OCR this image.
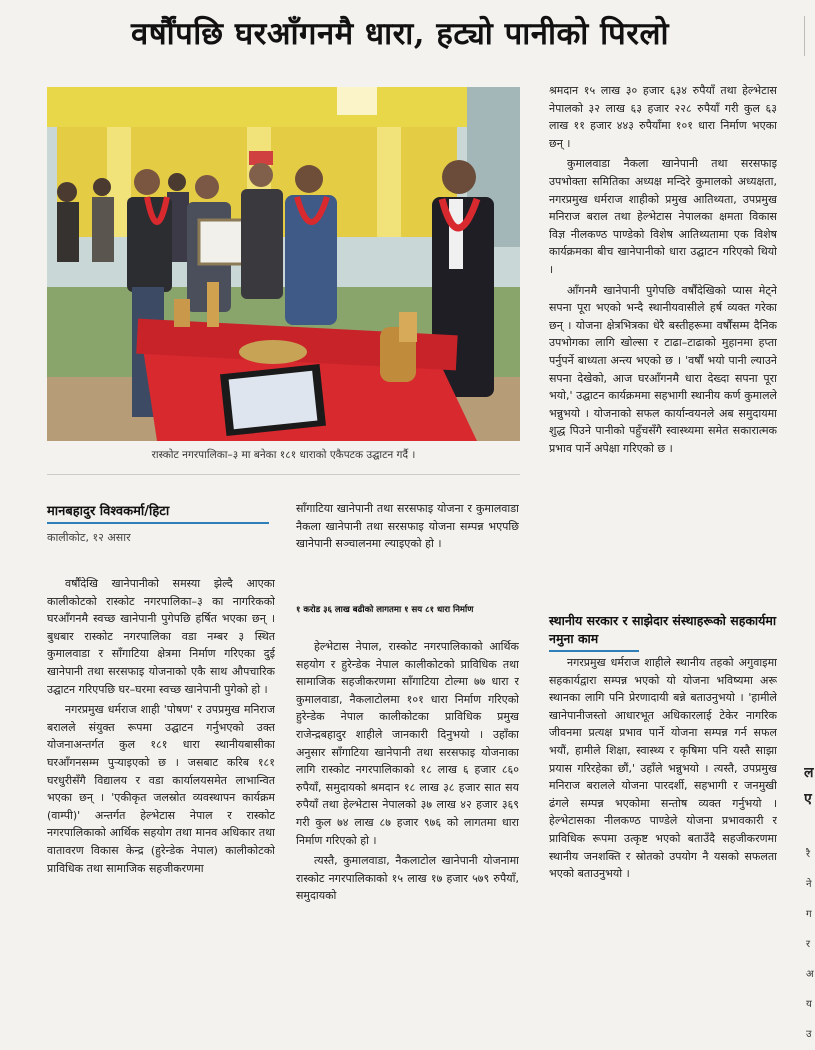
वर्षौंपछि घरआँगनमै धारा, हट्यो पानीको पिरलो
रास्कोट नगरपालिका–३ मा बनेका १८१ धाराको एकैपटक उद्घाटन गर्दै ।
मानबहादुर विश्वकर्मा/हिटा
कालीकोट, १२ असार

वर्षौंदेखि खानेपानीको समस्या झेल्दै आएका कालीकोटको रास्कोट नगरपालिका–३ का नागरिकको घरआँगनमै स्वच्छ खानेपानी पुगेपछि हर्षित भएका छन् । बुधबार रास्कोट नगरपालिका वडा नम्बर ३ स्थित कुमालवाडा र साँगाटिया क्षेत्रमा निर्माण गरिएका दुई खानेपानी तथा सरसफाइ योजनाको एकै साथ औपचारिक उद्घाटन गरिएपछि घर–घरमा स्वच्छ खानेपानी पुगेको हो ।

नगरप्रमुख धर्मराज शाही 'पोषण' र उपप्रमुख मनिराज बरालले संयुक्त रूपमा उद्घाटन गर्नुभएको उक्त योजनाअन्तर्गत कुल १८१ धारा स्थानीयबासीका घरआँगनसम्म पुऱ्याइएको छ । जसबाट करिब १८१ घरधुरीसँगै विद्यालय र वडा कार्यालयसमेत लाभान्वित भएका छन् । 'एकीकृत जलस्रोत व्यवस्थापन कार्यक्रम (वाम्पी)' अन्तर्गत हेल्भेटास नेपाल र रास्कोट नगरपालिकाको आर्थिक सहयोग तथा मानव अधिकार तथा वातावरण विकास केन्द्र (हुरेन्डेक नेपाल) कालीकोटको प्राविधिक तथा सामाजिक सहजीकरणमा

साँगाटिया खानेपानी तथा सरसफाइ योजना र कुमालवाडा नैकला खानेपानी तथा सरसफाइ योजना सम्पन्न भएपछि खानेपानी सञ्चालनमा ल्याइएको हो ।

१ करोड ३६ लाख बढीको लागतमा १ सय ८१ धारा निर्माण

हेल्भेटास नेपाल, रास्कोट नगरपालिकाको आर्थिक सहयोग र हुरेन्डेक नेपाल कालीकोटको प्राविधिक तथा सामाजिक सहजीकरणमा साँगाटिया टोल्मा ७७ धारा र कुमालवाडा, नैकलाटोलमा १०१ धारा निर्माण गरिएको हुरेन्डेक नेपाल कालीकोटका प्राविधिक प्रमुख राजेन्द्रबहादुर शाहीले जानकारी दिनुभयो । उहाँका अनुसार साँगाटिया खानेपानी तथा सरसफाइ योजनाका लागि रास्कोट नगरपालिकाको १८ लाख ६ हजार ८६० रुपैयाँ, समुदायको श्रमदान १८ लाख ३८ हजार सात सय रुपैयाँ तथा हेल्भेटास नेपालको ३७ लाख ४२ हजार ३६९ गरी कुल ७४ लाख ८७ हजार ९७६ को लागतमा धारा निर्माण गरिएको हो ।

त्यस्तै, कुमालवाडा, नैकलाटोल खानेपानी योजनामा रास्कोट नगरपालिकाको १५ लाख १७ हजार ५७९ रुपैयाँ, समुदायको

श्रमदान १५ लाख ३० हजार ६३४ रुपैयाँ तथा हेल्भेटास नेपालको ३२ लाख ६३ हजार २२८ रुपैयाँ गरी कुल ६३ लाख ११ हजार ४४३ रुपैयाँमा १०१ धारा निर्माण भएका छन् ।

कुमालवाडा नैकला खानेपानी तथा सरसफाइ उपभोक्ता समितिका अध्यक्ष मन्दिरे कुमालको अध्यक्षता, नगरप्रमुख धर्मराज शाहीको प्रमुख आतिथ्यता, उपप्रमुख मनिराज बराल तथा हेल्भेटास नेपालका क्षमता विकास विज्ञ नीलकण्ठ पाण्डेको विशेष आतिथ्यतामा एक विशेष कार्यक्रमका बीच खानेपानीको धारा उद्घाटन गरिएको थियो ।

आँगनमै खानेपानी पुगेपछि वर्षौंदेखिको प्यास मेट्ने सपना पूरा भएको भन्दै स्थानीयवासीले हर्ष व्यक्त गरेका छन् । योजना क्षेत्रभित्रका धेरै बस्तीहरूमा वर्षौंसम्म दैनिक उपभोगका लागि खोल्सा र टाढा–टाढाको मुहानमा हप्ता पर्नुपर्ने बाध्यता अन्त्य भएको छ । 'वर्षौं भयो पानी ल्याउने सपना देखेको, आज घरआँगनमै धारा देख्दा सपना पूरा भयो,' उद्घाटन कार्यक्रममा सहभागी स्थानीय कर्ण कुमालले भन्नुभयो । योजनाको सफल कार्यान्वयनले अब समुदायमा शुद्ध पिउने पानीको पहुँचसँगै स्वास्थ्यमा समेत सकारात्मक प्रभाव पार्ने अपेक्षा गरिएको छ ।

स्थानीय सरकार र साझेदार संस्थाहरूको सहकार्यमा नमुना काम

नगरप्रमुख धर्मराज शाहीले स्थानीय तहको अगुवाइमा सहकार्यद्वारा सम्पन्न भएको यो योजना भविष्यमा अरू स्थानका लागि पनि प्रेरणादायी बन्ने बताउनुभयो । 'हामीले खानेपानीजस्तो आधारभूत अधिकारलाई टेकेर नागरिक जीवनमा प्रत्यक्ष प्रभाव पार्ने योजना सम्पन्न गर्न सफल भयौं, हामीले शिक्षा, स्वास्थ्य र कृषिमा पनि यस्तै साझा प्रयास गरिरहेका छौं,' उहाँले भन्नुभयो । त्यस्तै, उपप्रमुख मनिराज बरालले योजना पारदर्शी, सहभागी र जनमुखी ढंगले सम्पन्न भएकोमा सन्तोष व्यक्त गर्नुभयो । हेल्भेटासका नीलकण्ठ पाण्डेले योजना प्रभावकारी र प्राविधिक रूपमा उत्कृष्ट भएको बताउँदै सहजीकरणमा स्थानीय जनशक्ति र स्रोतको उपयोग नै यसको सफलता भएको बताउनुभयो ।

ल ए
रै ने ग र अ य उ
